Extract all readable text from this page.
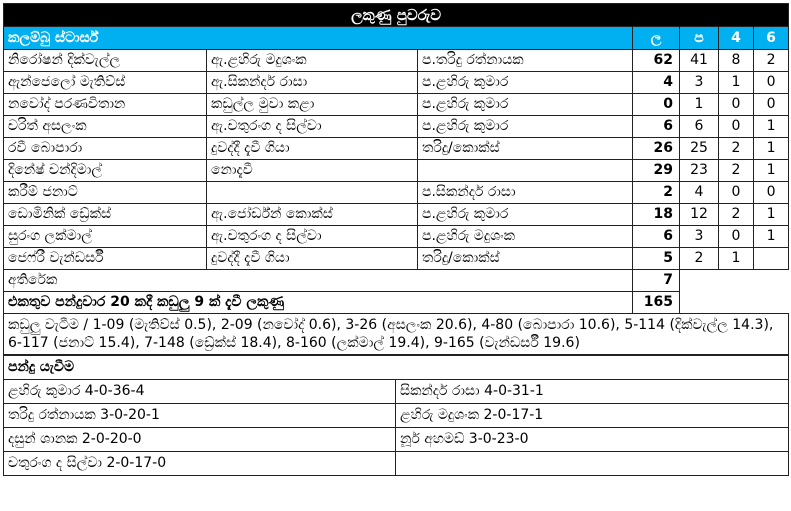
ලකුණු පුවරුව						
කලම්බු ස්ටාර්ස්			ල	ප	4	6
නිරෝෂන් දික්වැල්ල	ඇ.ළහිරු මදුශංක	ප.තරිදු රත්නායක	62	41	8	2
ඇන්ජෙලෝ මැතිව්ස්	ඇ.සිකන්දර් රාසා	ප.ළහිරු කුමාර	4	3	1	0
නවෝද් පරණවිතාන	කඩුල්ල මුවා කළා	ප.ළහිරු කුමාර	0	1	0	0
චරිත් අසලංක	ඇ.චතුරංග ද සිල්වා	ප.ළහිරු කුමාර	6	6	0	1
රවී බොපාරා	දුවද්දී දැවී ගියා	තරිදු/කොක්ස්	26	25	2	1
දිනේෂ් චන්දිමාල්	නොදැවී		29	23	2	1
කරීම් ජනාට්		ප.සිකන්දර් රාසා	2	4	0	0
ඩොමිනික් ඩ්‍රේක්ස්	ඇ.ජෝර්ඩ්න් කොක්ස්	ප.ළහිරු කුමාර	18	12	2	1
සුරංග ලක්මාල්	ඇ.චතුරංග ද සිල්වා	ප.ළහිරු මදුශංක	6	3	0	1
ජෙෆ්රී වැන්ඩර්සී	දුවද්දී දැවී ගියා	තරිදු/කොක්ස්	5	2	1	
අතිරේක			7			
එකතුව පන්දුවාර 20 කදී කඩුලු 9 ක් දැවී ලකුණු			165			
කඩුලු වැටීම / 1-09 (මැතිව්ස් 0.5), 2-09 (නවෝද් 0.6), 3-26 (අසලංක 20.6), 4-80 (බොපාරා 10.6), 5-114 (දික්වැල්ල 14.3), 6-117 (ජනාට් 15.4), 7-148 (ඩ්‍රේක්ස් 18.4), 8-160 (ලක්මාල් 19.4), 9-165 (වැන්ඩර්සී 19.6)						
පන්දු යැවීම	
ළහිරු කුමාර 4-0-36-4	සිකන්දර් රාසා 4-0-31-1
තරිදු රත්නායක 3-0-20-1	ළහිරු මදුශංක 2-0-17-1
දසුන් ශානක 2-0-20-0	නූර් අහමඩ් 3-0-23-0
චතුරංග ද සිල්වා 2-0-17-0	
